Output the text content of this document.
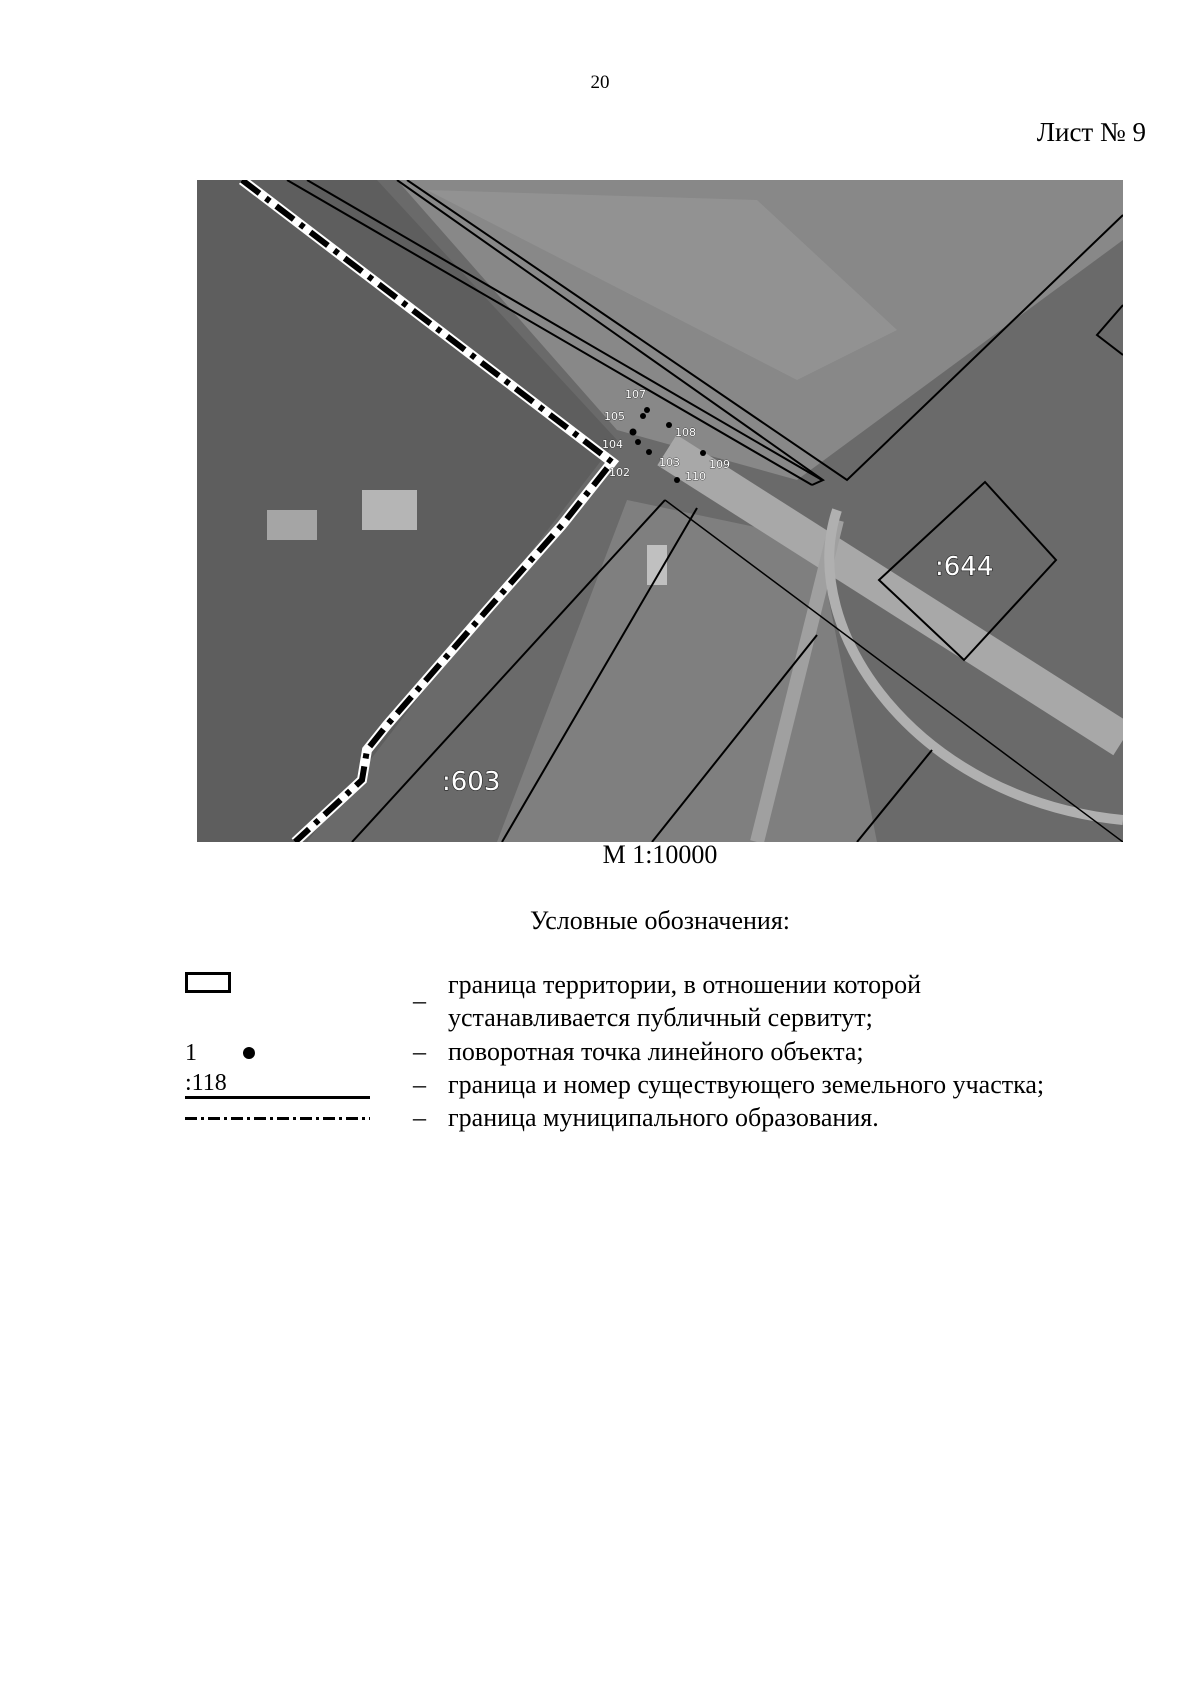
20
Лист № 9
107
105
108
104
109
102
103
110
:644
:603
М 1:10000
Условные обозначения:
–
граница территории, в отношении которой
устанавливается публичный сервитут;
1	– поворотная точка линейного объекта;
:118	– граница и номер существующего земельного участка;
– граница муниципального образования.
